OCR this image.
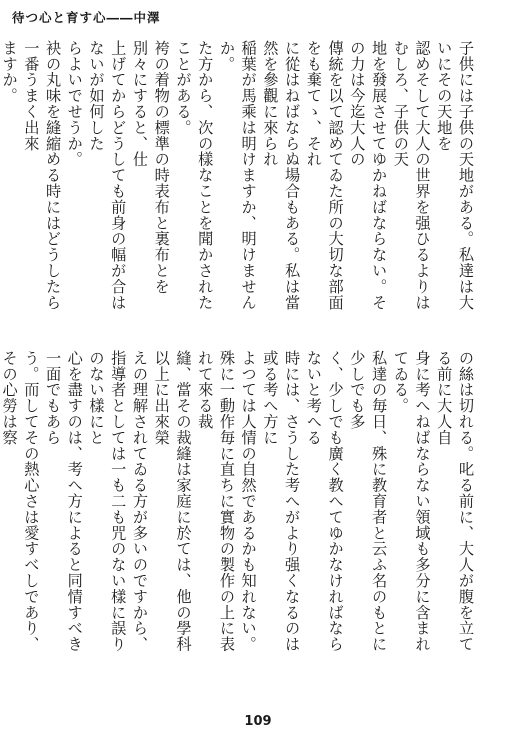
待つ心と育す心――中澤
子供には子供の天地がある。私達は大いにその天地を
認めそして大人の世界を强ひるよりはむしろ、子供の天
地を發展させてゆかねばならない。その力は今迄大人の
傳統を以て認めてゐた所の大切な部面をも棄てゝ、それ
に從はねばならぬ場合もある。私は當然を參觀に來られ
稲葉が馬乘は明けますか、明けませんか。
た方から、次の樣なことを聞かされたことがある。
袴の着物の標準の時表布と裏布とを別々にすると、仕
上げてからどうしても前身の幅が合はないが如何した
らよいでせうか。
袂の丸味を縫縮める時にはどうしたら一番うまく出來
ますか。

の絲は切れる。叱る前に、大人が腹を立てる前に大人自
身に考へねばならない領域も多分に含まれてゐる。
私達の毎日、殊に教育者と云ふ名のもとに少しでも多
く、少しでも廣く教へてゆかなければならないと考へる
時には、さうした考へがより强くなるのは或る考へ方に
よつては人情の自然であるかも知れない。
殊に一動作毎に直ちに實物の製作の上に表れて來る裁
縫、當その裁縫は家庭に於ては、他の學科以上に出來榮
えの理解されてゐる方が多いのですから、
指導者としては一も二も咒のない樣に誤りのない樣にと
心を盡すのは、考へ方によると同情すべき一面でもあら
う。而してその熱心さは愛すべしであり、その心勞は察

109
